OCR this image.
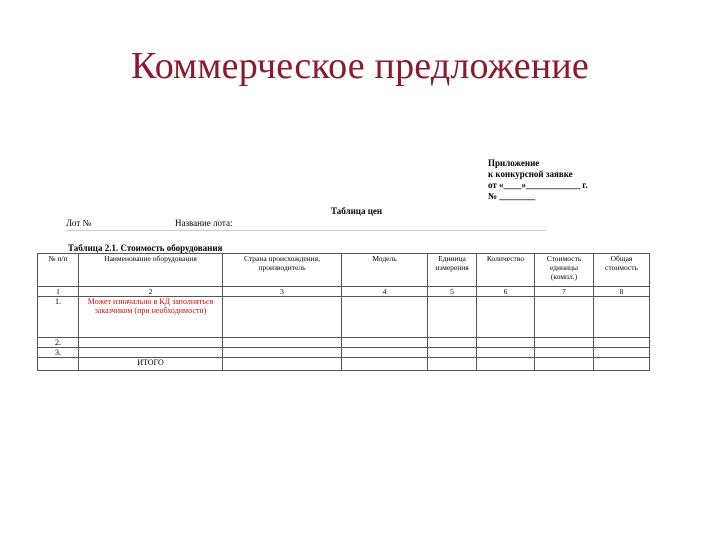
Коммерческое предложение
Приложение
к конкурсной заявке
от «____»____________ г.
№ ________
Таблица цен
Лот №	Название лота:
Таблица 2.1. Стоимость оборудования
№ п/п	Наименование оборудования	Страна происхождения, производитель	Модель	Единица измерения	Количество	Стоимость единицы (компл.)	Общая стоимость
1	2	3	4	5	6	7	8
1.	Может изначально в КД заполняться заказчиком (при необходимости)						
2.							
3.							
	ИТОГО						
